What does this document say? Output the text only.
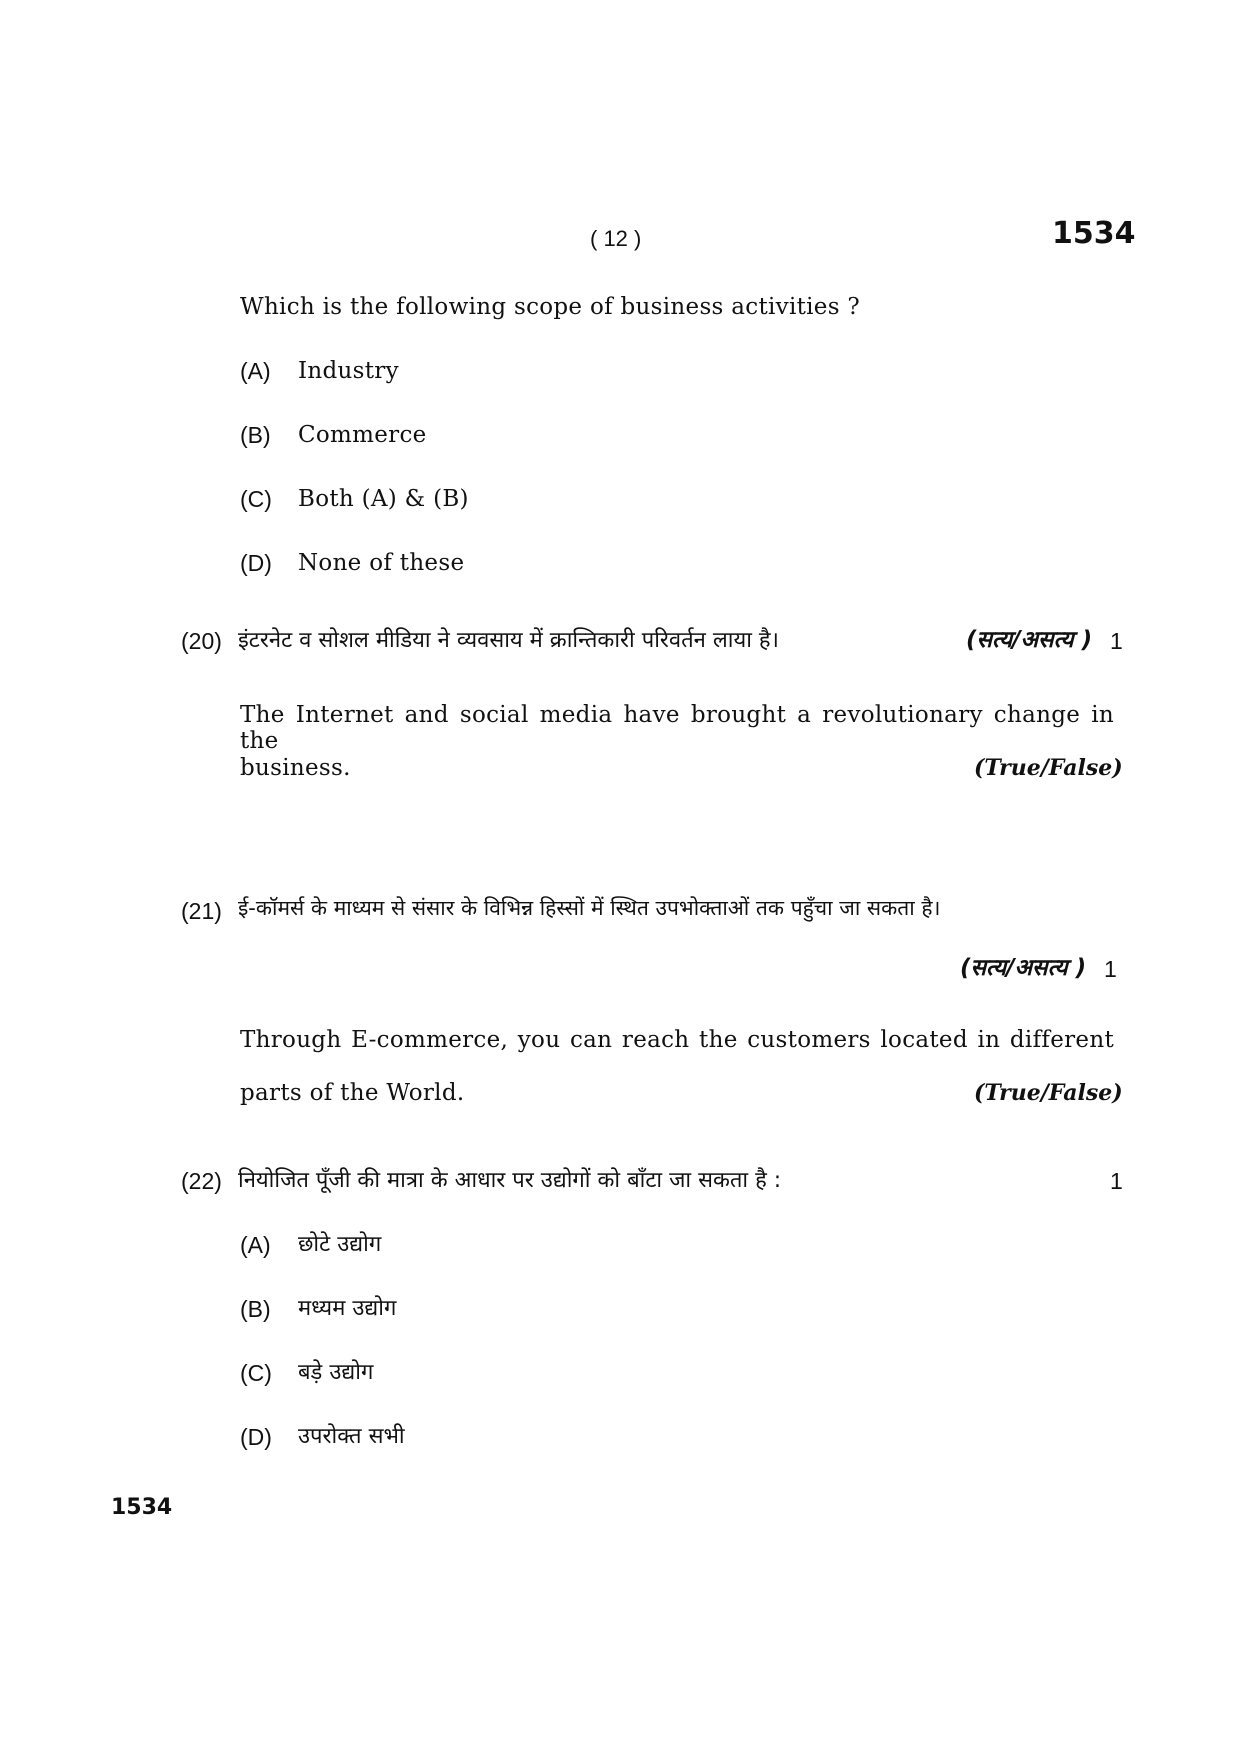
( 12 )	1534
Which is the following scope of business activities ?
(A) Industry
(B) Commerce
(C) Both (A) & (B)
(D) None of these
(20) इंटरनेट व सोशल मीडिया ने व्यवसाय में क्रान्तिकारी परिवर्तन लाया है।	(सत्य/असत्य ) 1
The Internet and social media have brought a revolutionary change in the
business.	(True/False)
(21) ई-कॉमर्स के माध्यम से संसार के विभिन्न हिस्सों में स्थित उपभोक्ताओं तक पहुँचा जा सकता है।
(सत्य/असत्य ) 1
Through E-commerce, you can reach the customers located in different
parts of the World.	(True/False)
(22) नियोजित पूँजी की मात्रा के आधार पर उद्योगों को बाँटा जा सकता है :	1
(A) छोटे उद्योग
(B) मध्यम उद्योग
(C) बड़े उद्योग
(D) उपरोक्त सभी
1534
